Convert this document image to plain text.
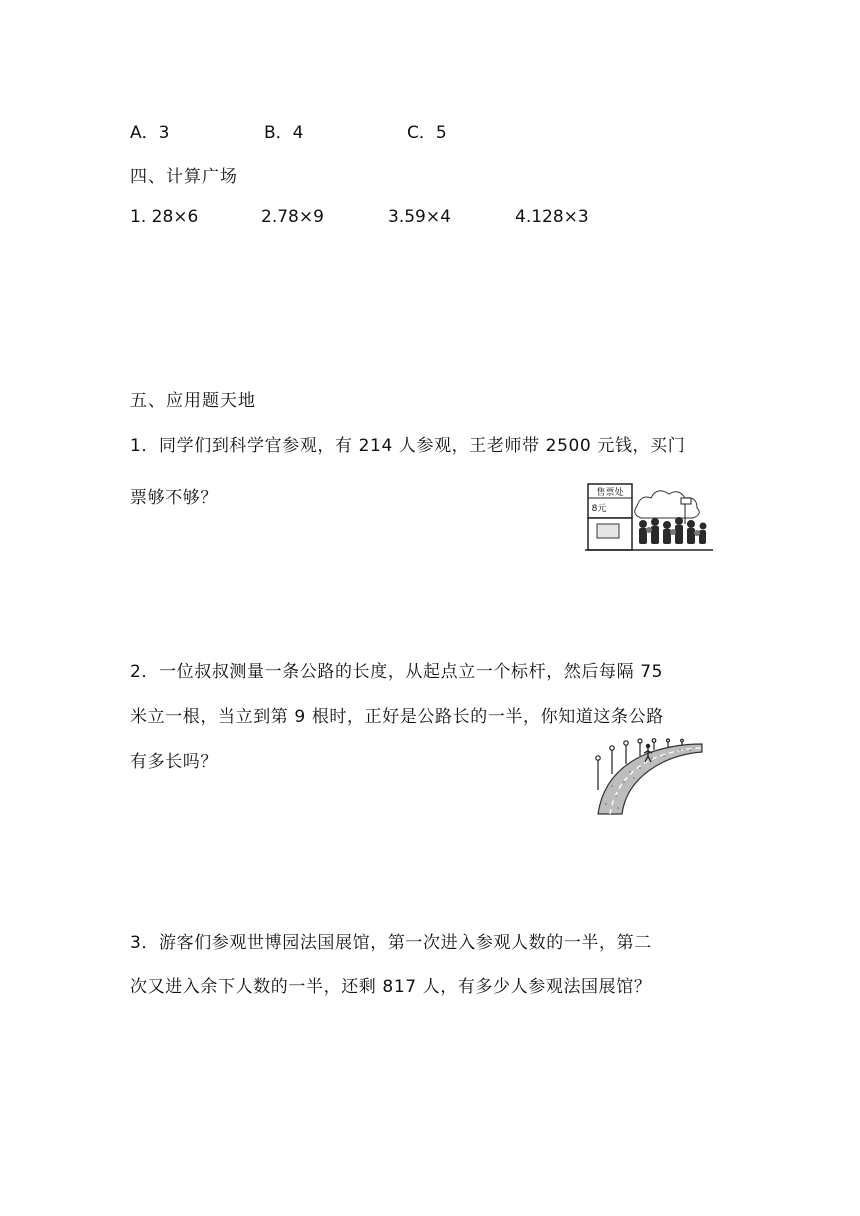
A．3	B．4	C．5
四、计算广场
1. 28×6	2.78×9	3.59×4	4.128×3
五、应用题天地
1．同学们到科学官参观，有 214 人参观，王老师带 2500 元钱，买门
票够不够？	售票处
8元
2．一位叔叔测量一条公路的长度，从起点立一个标杆，然后每隔 75
米立一根，当立到第 9 根时，正好是公路长的一半，你知道这条公路
有多长吗？
3．游客们参观世博园法国展馆，第一次进入参观人数的一半，第二
次又进入余下人数的一半，还剩 817 人，有多少人参观法国展馆？
